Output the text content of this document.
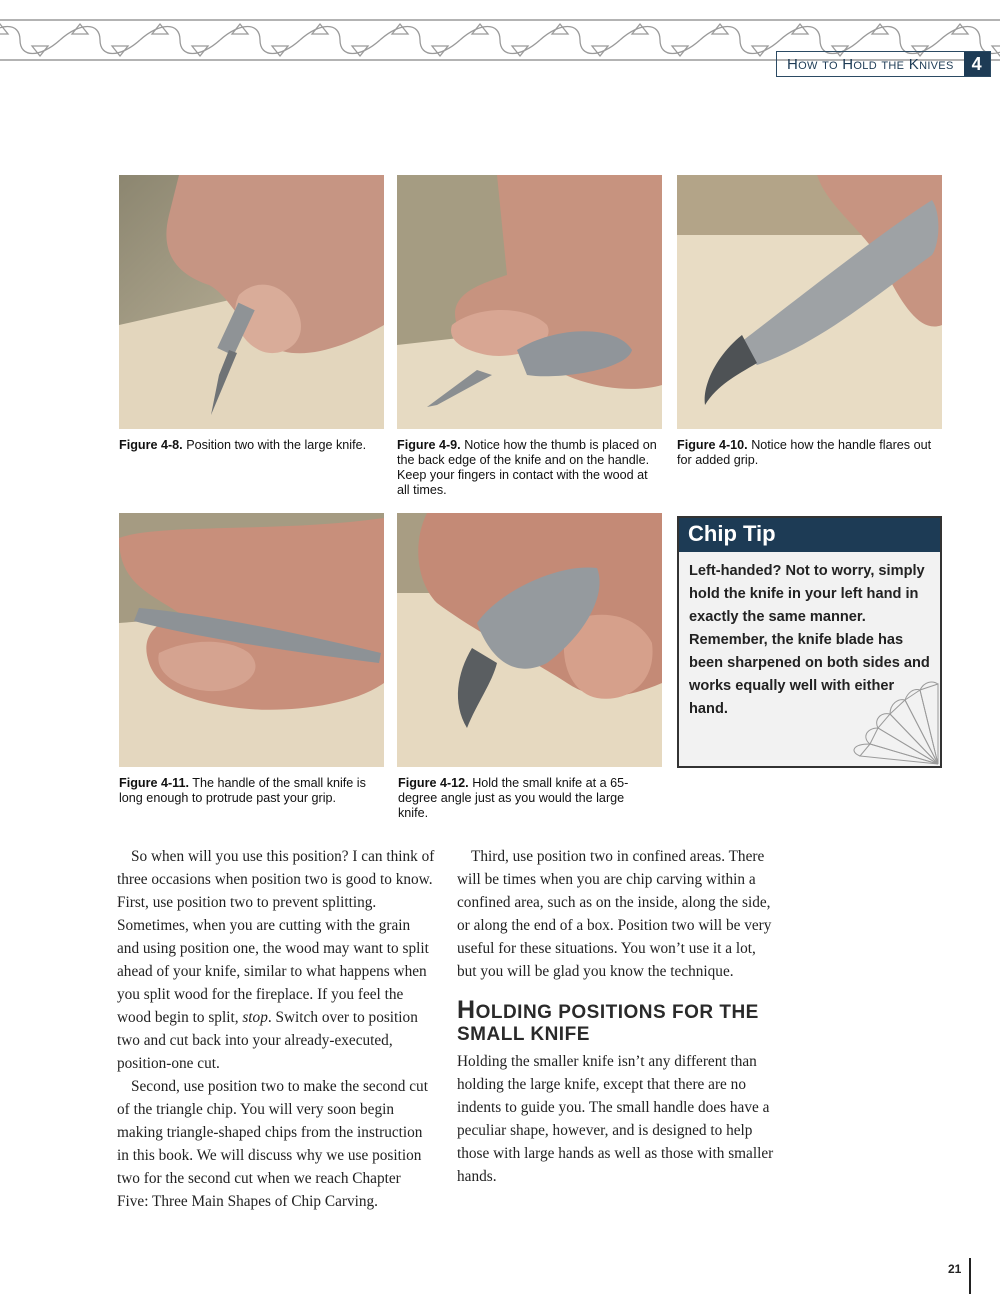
How to Hold the Knives 4
Figure 4-8. Position two with the large knife.	Figure 4-9. Notice how the thumb is placed on the back edge of the knife and on the handle. Keep your fingers in contact with the wood at all times.
Figure 4-10. Notice how the handle flares out for added grip.
Figure 4-11. The handle of the small knife is long enough to protrude past your grip.
Figure 4-12. Hold the small knife at a 65-degree angle just as you would the large knife.
Chip Tip
Left-handed? Not to worry, simply hold the knife in your left hand in exactly the same manner. Remember, the knife blade has been sharpened on both sides and works equally well with either hand.

So when will you use this position? I can think of three occasions when position two is good to know. First, use position two to prevent splitting. Sometimes, when you are cutting with the grain and using position one, the wood may want to split ahead of your knife, similar to what happens when you split wood for the fireplace. If you feel the wood begin to split, stop. Switch over to position two and cut back into your already-executed, position-one cut.

Second, use position two to make the second cut of the triangle chip. You will very soon begin making triangle-shaped chips from the instruction in this book. We will discuss why we use position two for the second cut when we reach Chapter Five: Three Main Shapes of Chip Carving.

Third, use position two in confined areas. There will be times when you are chip carving within a confined area, such as on the inside, along the side, or along the end of a box. Position two will be very useful for these situations. You won’t use it a lot, but you will be glad you know the technique.

HOLDING POSITIONS FOR THE SMALL KNIFE

Holding the smaller knife isn’t any different than holding the large knife, except that there are no indents to guide you. The small handle does have a peculiar shape, however, and is designed to help those with large hands as well as those with smaller hands.

21
